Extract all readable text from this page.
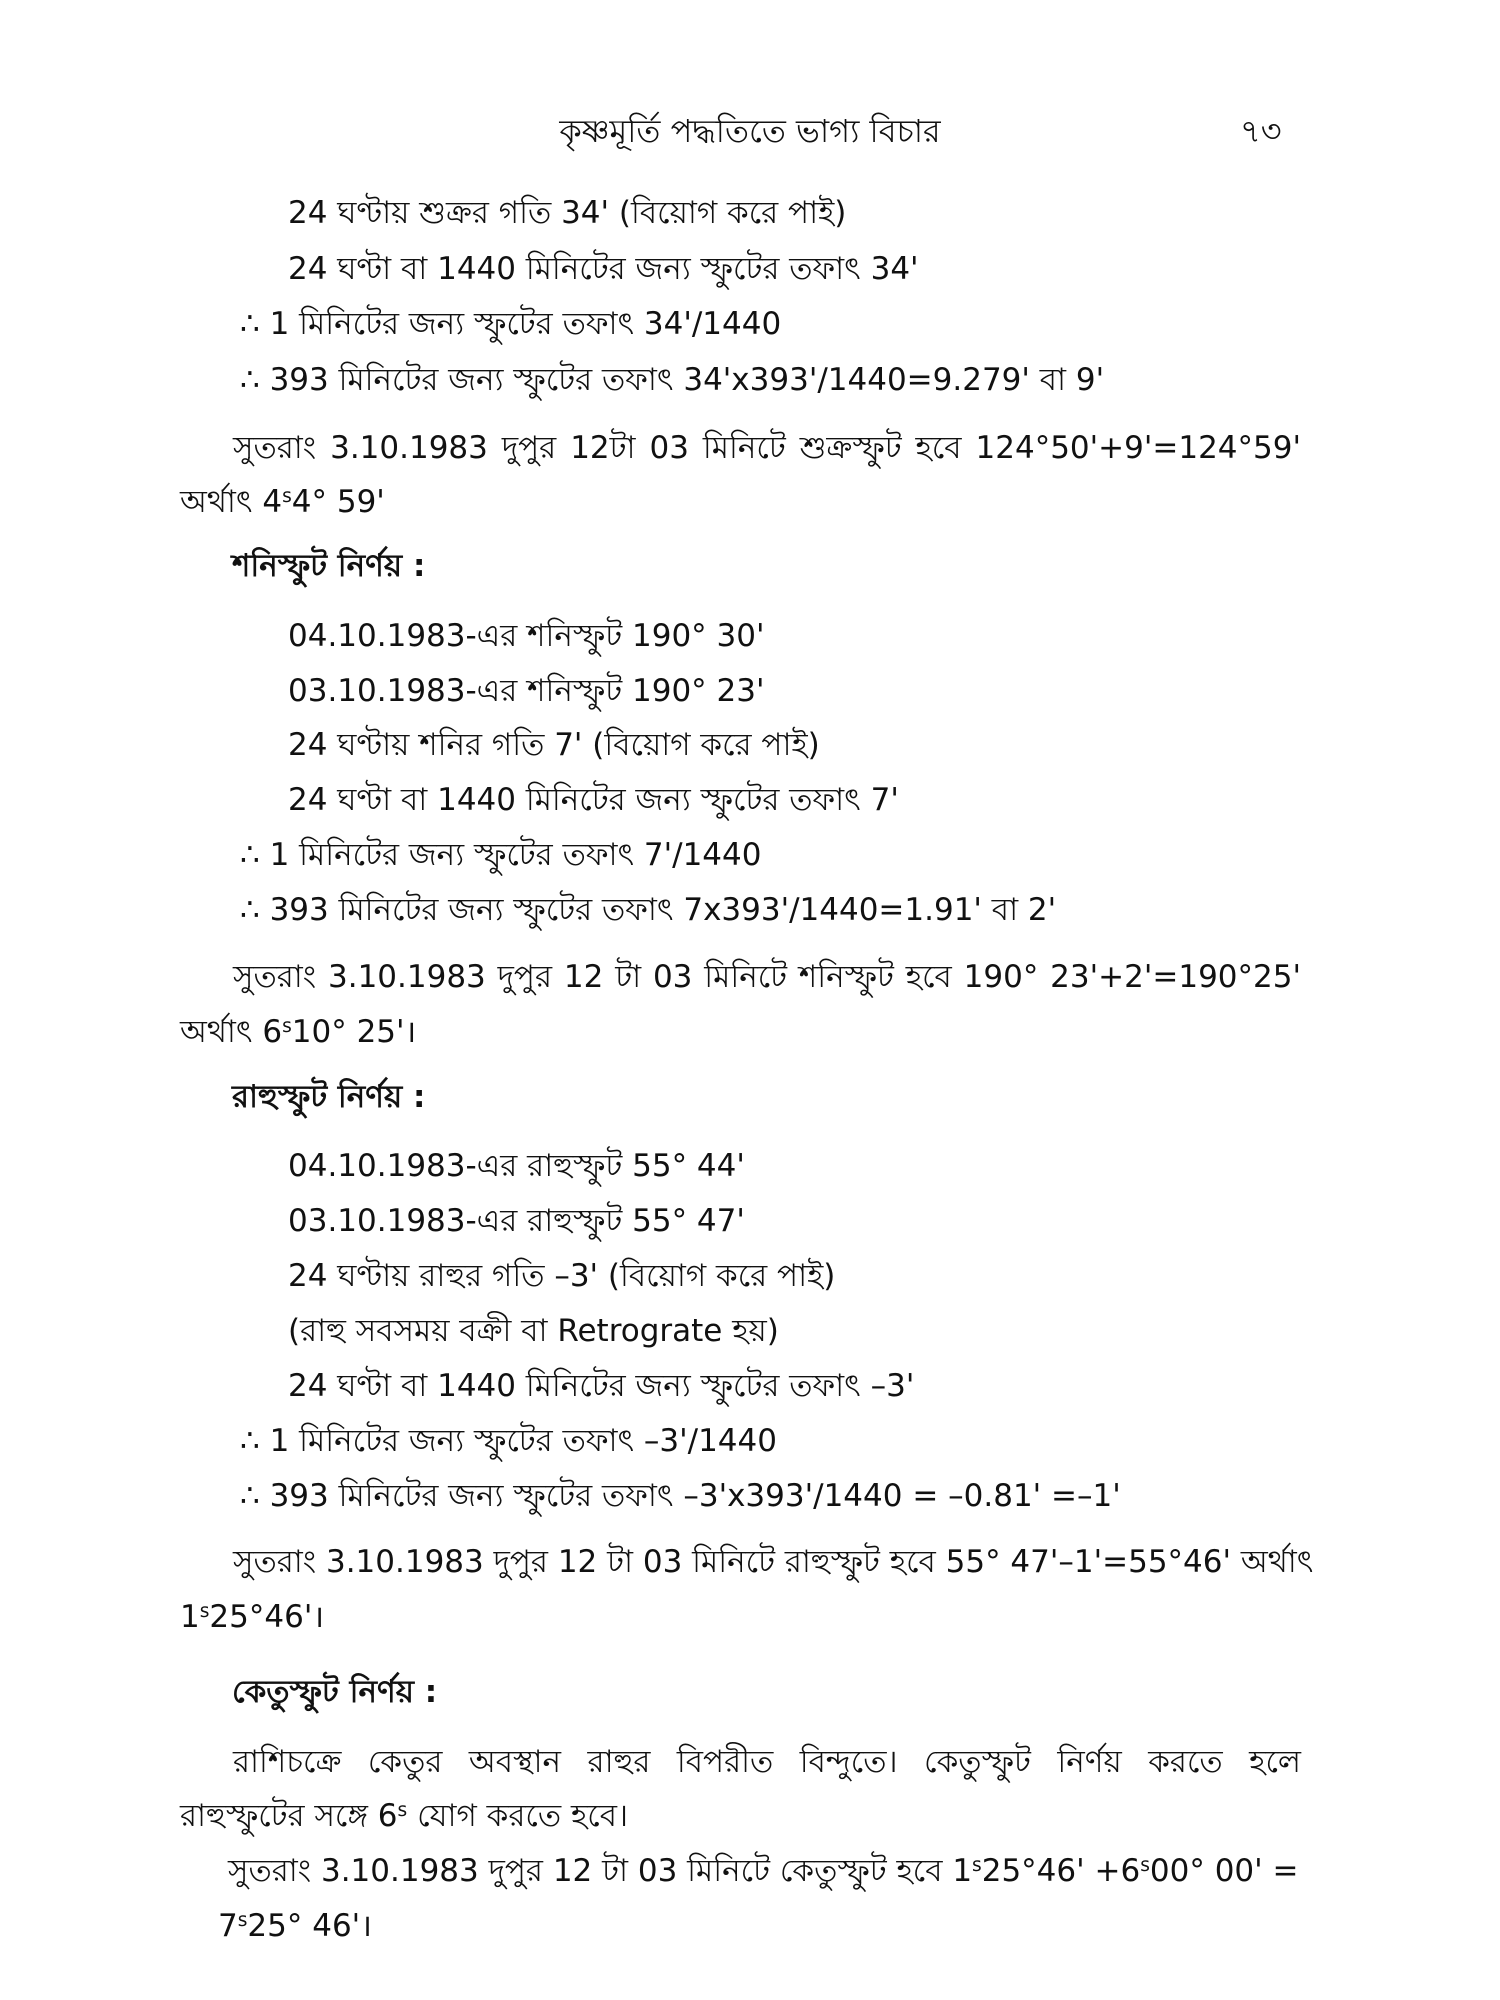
কৃষ্ণমূর্তি পদ্ধতিতে ভাগ্য বিচার	৭৩
24 ঘণ্টায় শুক্রর গতি 34' (বিয়োগ করে পাই)
24 ঘণ্টা বা 1440 মিনিটের জন্য স্ফুটের তফাৎ 34'
∴ 1 মিনিটের জন্য স্ফুটের তফাৎ 34'/1440
∴ 393 মিনিটের জন্য স্ফুটের তফাৎ 34'x393'/1440=9.279' বা 9'
সুতরাং 3.10.1983 দুপুর 12টা 03 মিনিটে শুক্রস্ফুট হবে 124°50'+9'=124°59'
অর্থাৎ 4$^s$4° 59'
শনিস্ফুট নির্ণয় :
04.10.1983-এর শনিস্ফুট 190° 30'
03.10.1983-এর শনিস্ফুট 190° 23'
24 ঘণ্টায় শনির গতি 7' (বিয়োগ করে পাই)
24 ঘণ্টা বা 1440 মিনিটের জন্য স্ফুটের তফাৎ 7'
∴ 1 মিনিটের জন্য স্ফুটের তফাৎ 7'/1440
∴ 393 মিনিটের জন্য স্ফুটের তফাৎ 7x393'/1440=1.91' বা 2'
সুতরাং 3.10.1983 দুপুর 12 টা 03 মিনিটে শনিস্ফুট হবে 190° 23'+2'=190°25'
অর্থাৎ 6$^s$10° 25'।
রাহুস্ফুট নির্ণয় :
04.10.1983-এর রাহুস্ফুট 55° 44'
03.10.1983-এর রাহুস্ফুট 55° 47'
24 ঘণ্টায় রাহুর গতি –3' (বিয়োগ করে পাই)
(রাহু সবসময় বক্রী বা Retrograte হয়)
24 ঘণ্টা বা 1440 মিনিটের জন্য স্ফুটের তফাৎ –3'
∴ 1 মিনিটের জন্য স্ফুটের তফাৎ –3'/1440
∴ 393 মিনিটের জন্য স্ফুটের তফাৎ –3'x393'/1440 = –0.81' =–1'
সুতরাং 3.10.1983 দুপুর 12 টা 03 মিনিটে রাহুস্ফুট হবে 55° 47'–1'=55°46' অর্থাৎ
1$^s$25°46'।
কেতুস্ফুট নির্ণয় :
রাশিচক্রে কেতুর অবস্থান রাহুর বিপরীত বিন্দুতে। কেতুস্ফুট নির্ণয় করতে হলে
রাহুস্ফুটের সঙ্গে 6$^s$ যোগ করতে হবে।
সুতরাং 3.10.1983 দুপুর 12 টা 03 মিনিটে কেতুস্ফুট হবে $1^s25^\circ 46' +6^s00^\circ$ 00' =
$7^s25^\circ$ 46'।
